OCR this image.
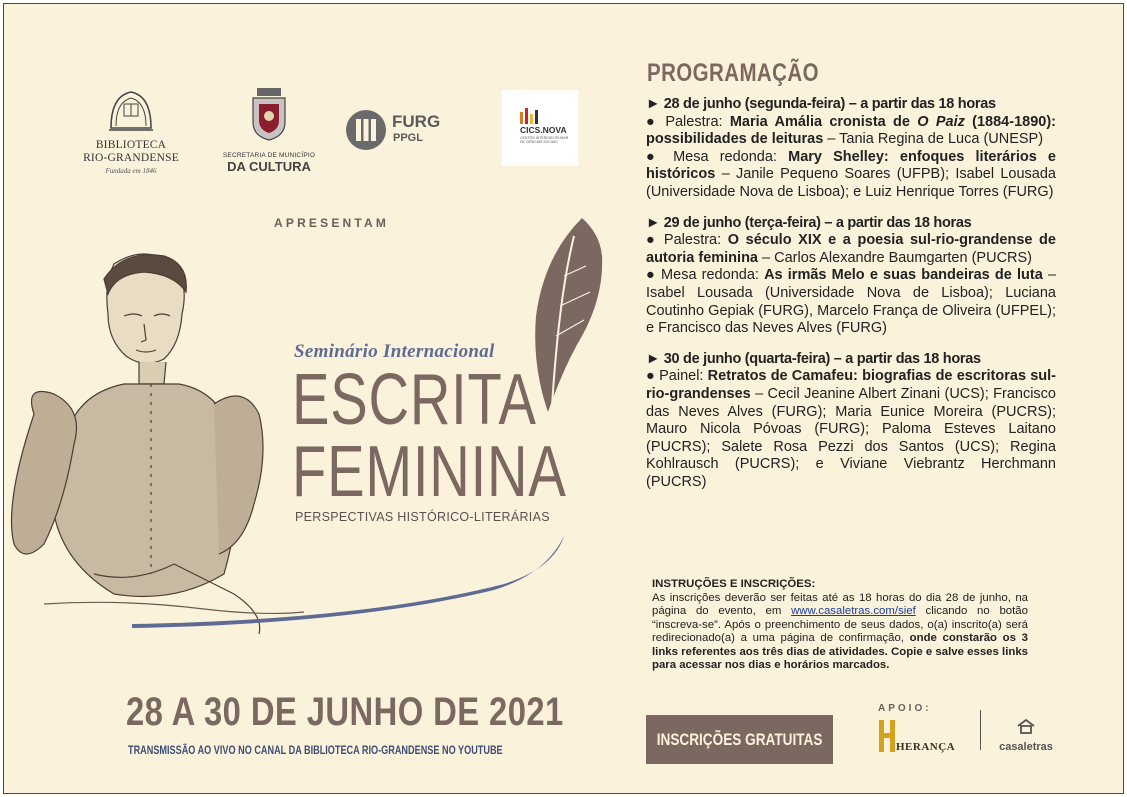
BIBLIOTECA
RIO-GRANDENSE
Fundada em 1846
SECRETARIA DE MUNICÍPIO
DA CULTURA
FURG
PPGL
CICS.NOVA
CENTRO INTERDISCIPLINAR DE CIÊNCIAS SOCIAIS
APRESENTAM
Seminário Internacional
ESCRITA
FEMININA
PERSPECTIVAS HISTÓRICO-LITERÁRIAS
28 A 30 DE JUNHO DE 2021
TRANSMISSÃO AO VIVO NO CANAL DA BIBLIOTECA RIO-GRANDENSE NO YOUTUBE
PROGRAMAÇÃO

► 28 de junho (segunda-feira) – a partir das 18 horas

● Palestra: Maria Amália cronista de O Paiz (1884-1890): possibilidades de leituras – Tania Regina de Luca (UNESP)

● Mesa redonda: Mary Shelley: enfoques literários e históricos – Janile Pequeno Soares (UFPB); Isabel Lousada (Universidade Nova de Lisboa); e Luiz Henrique Torres (FURG)

► 29 de junho (terça-feira) – a partir das 18 horas

● Palestra: O século XIX e a poesia sul-rio-grandense de autoria feminina – Carlos Alexandre Baumgarten (PUCRS)

● Mesa redonda: As irmãs Melo e suas bandeiras de luta – Isabel Lousada (Universidade Nova de Lisboa); Luciana Coutinho Gepiak (FURG), Marcelo França de Oliveira (UFPEL); e Francisco das Neves Alves (FURG)

► 30 de junho (quarta-feira) – a partir das 18 horas

● Painel: Retratos de Camafeu: biografias de escritoras sul-rio-grandenses – Cecil Jeanine Albert Zinani (UCS); Francisco das Neves Alves (FURG); Maria Eunice Moreira (PUCRS); Mauro Nicola Póvoas (FURG); Paloma Esteves Laitano (PUCRS); Salete Rosa Pezzi dos Santos (UCS); Regina Kohlrausch (PUCRS); e Viviane Viebrantz Herchmann (PUCRS)

INSTRUÇÕES E INSCRIÇÕES:

As inscrições deverão ser feitas até as 18 horas do dia 28 de junho, na página do evento, em www.casaletras.com/sief clicando no botão “inscreva-se”. Após o preenchimento de seus dados, o(a) inscrito(a) será redirecionado(a) a uma página de confirmação, onde constarão os 3 links referentes aos três dias de atividades. Copie e salve esses links para acessar nos dias e horários marcados.

INSCRIÇÕES GRATUITAS
APOIO:
HERANÇA	casaletras
